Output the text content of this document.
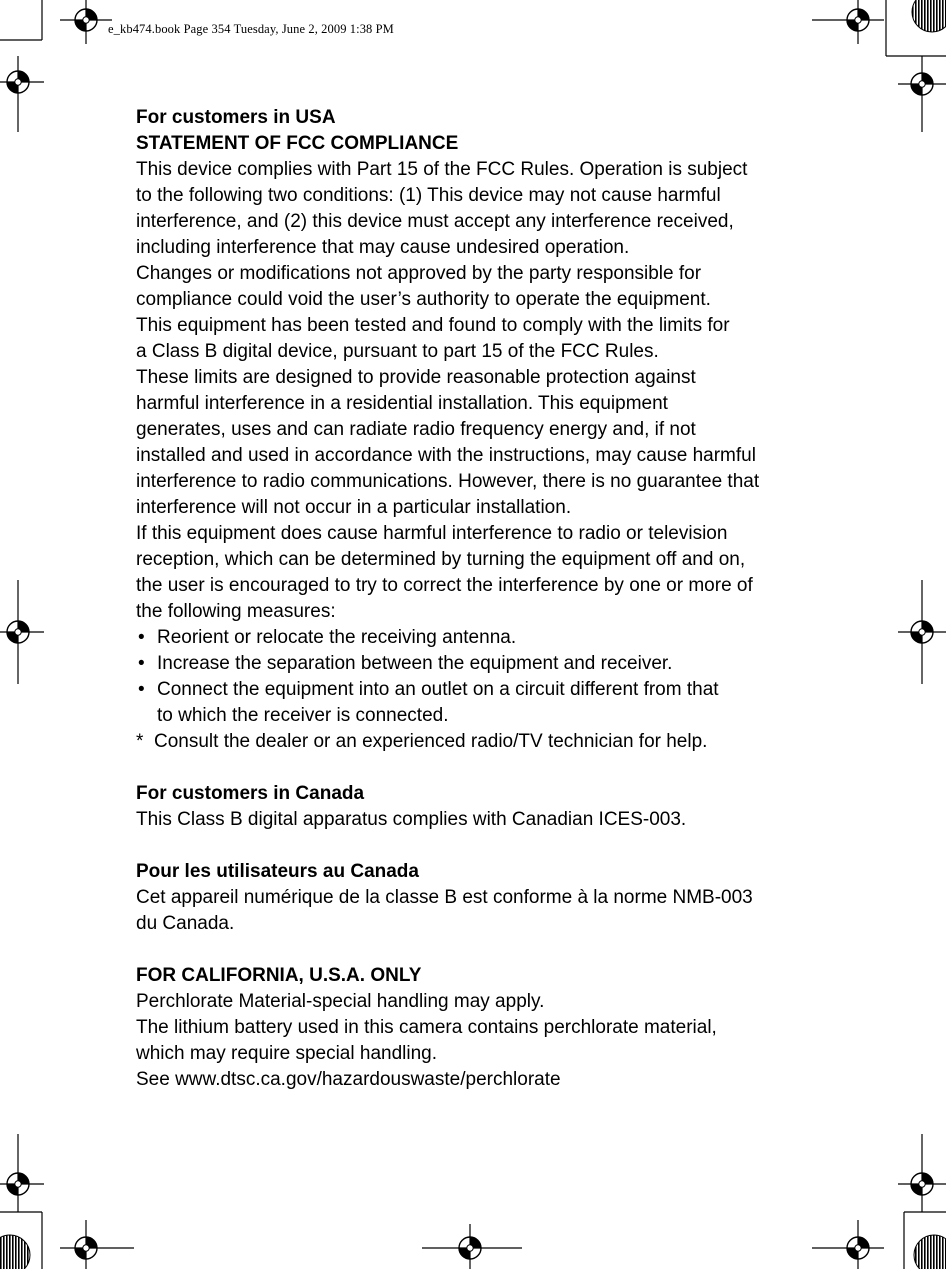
e_kb474.book Page 354 Tuesday, June 2, 2009 1:38 PM

For customers in USA

STATEMENT OF FCC COMPLIANCE

This device complies with Part 15 of the FCC Rules. Operation is subject

to the following two conditions: (1) This device may not cause harmful

interference, and (2) this device must accept any interference received,

including interference that may cause undesired operation.

Changes or modifications not approved by the party responsible for

compliance could void the user’s authority to operate the equipment.

This equipment has been tested and found to comply with the limits for

a Class B digital device, pursuant to part 15 of the FCC Rules.

These limits are designed to provide reasonable protection against

harmful interference in a residential installation. This equipment

generates, uses and can radiate radio frequency energy and, if not

installed and used in accordance with the instructions, may cause harmful

interference to radio communications. However, there is no guarantee that

interference will not occur in a particular installation.

If this equipment does cause harmful interference to radio or television

reception, which can be determined by turning the equipment off and on,

the user is encouraged to try to correct the interference by one or more of

the following measures:

• Reorient or relocate the receiving antenna.

• Increase the separation between the equipment and receiver.

• Connect the equipment into an outlet on a circuit different from that

to which the receiver is connected.

* Consult the dealer or an experienced radio/TV technician for help.

For customers in Canada

This Class B digital apparatus complies with Canadian ICES-003.

Pour les utilisateurs au Canada

Cet appareil numérique de la classe B est conforme à la norme NMB-003

du Canada.

FOR CALIFORNIA, U.S.A. ONLY

Perchlorate Material-special handling may apply.

The lithium battery used in this camera contains perchlorate material,

which may require special handling.

See www.dtsc.ca.gov/hazardouswaste/perchlorate
